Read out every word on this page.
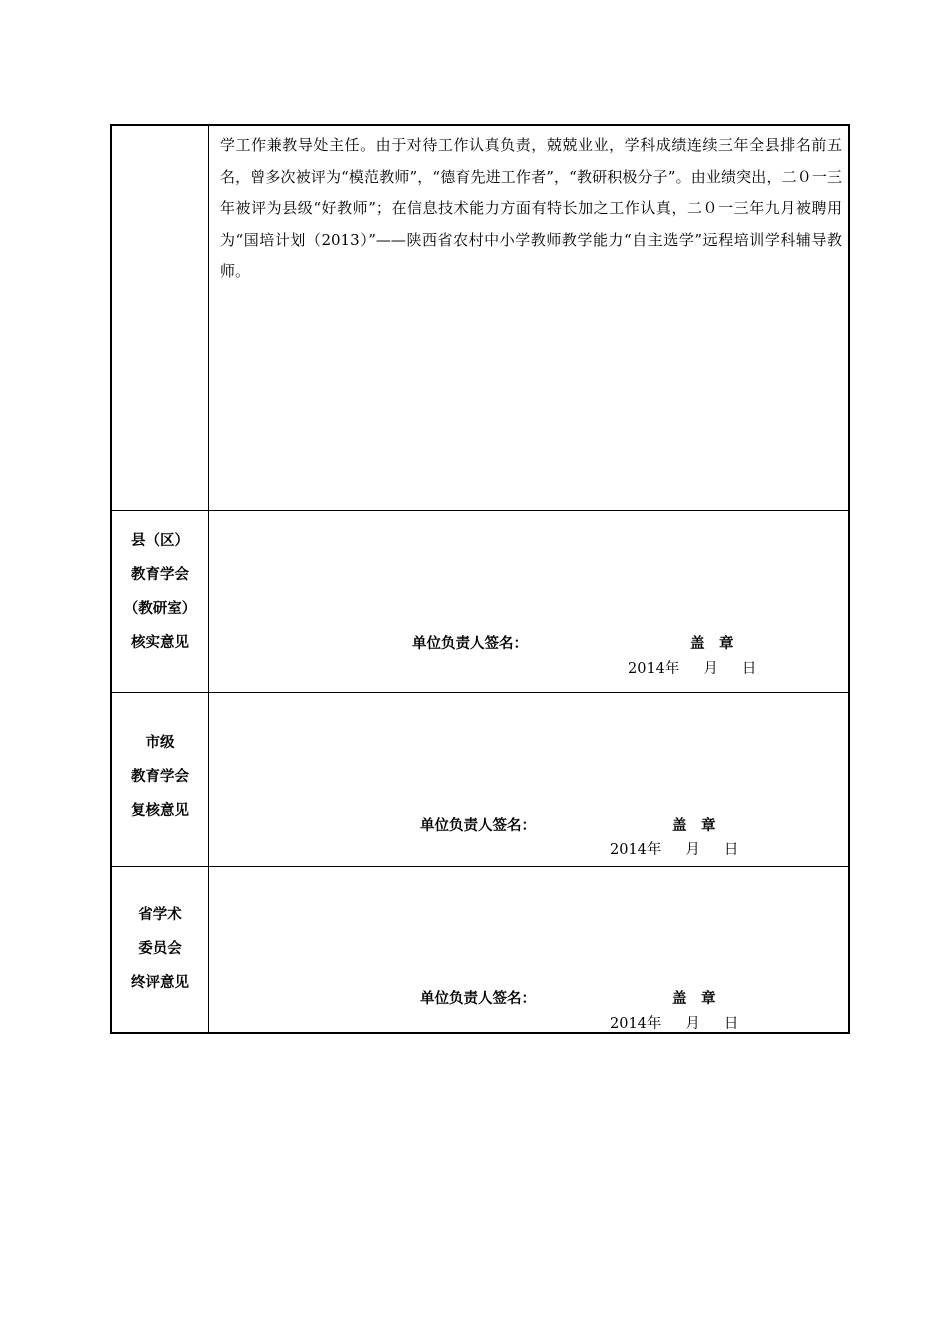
学工作兼教导处主任。由于对待工作认真负责，兢兢业业，学科成绩连续三年全县排名前五名，曾多次被评为“模范教师”，“德育先进工作者”，“教研积极分子”。由业绩突出，二０一三年被评为县级“好教师”；在信息技术能力方面有特长加之工作认真，二０一三年九月被聘用为“国培计划（2013）”——陕西省农村中小学教师教学能力“自主选学”远程培训学科辅导教师。

县（区）
教育学会
（教研室）
核实意见	单位负责人签名：	盖　章
2014年 月 日
市级
教育学会
复核意见
单位负责人签名：	盖　章
2014年 月 日
省学术
委员会
终评意见
单位负责人签名：	盖　章
2014年 月 日
